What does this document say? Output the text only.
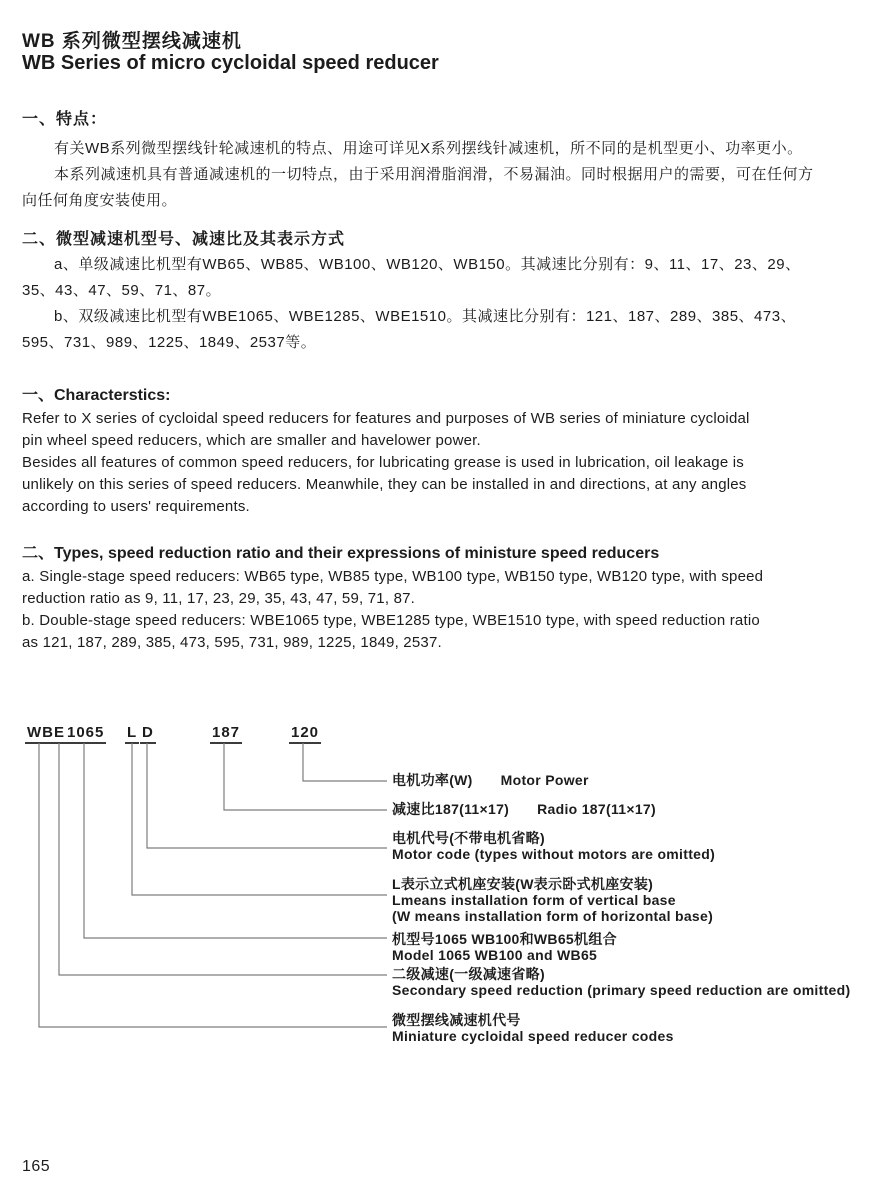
WB 系列微型摆线减速机
WB Series of micro cycloidal speed reducer
一、特点：
有关WB系列微型摆线针轮减速机的特点、用途可详见X系列摆线针减速机，所不同的是机型更小、功率更小。
本系列减速机具有普通减速机的一切特点，由于采用润滑脂润滑，不易漏油。同时根据用户的需要，可在任何方
向任何角度安装使用。
二、微型减速机型号、减速比及其表示方式
a、单级减速比机型有WB65、WB85、WB100、WB120、WB150。其减速比分别有：9、11、17、23、29、
35、43、47、59、71、87。
b、双级减速比机型有WBE1065、WBE1285、WBE1510。其减速比分别有：121、187、289、385、473、
595、731、989、1225、1849、2537等。
一、Characterstics:
Refer to X series of cycloidal speed reducers for features and purposes of WB series of miniature cycloidal
pin wheel speed reducers, which are smaller and havelower power.
Besides all features of common speed reducers, for lubricating grease is used in lubrication, oil leakage is
unlikely on this series of speed reducers. Meanwhile, they can be installed in and directions, at any angles
according to users' requirements.
二、Types, speed reduction ratio and their expressions of ministure speed reducers
a. Single-stage speed reducers: WB65 type, WB85 type, WB100 type, WB150 type, WB120 type, with speed
reduction ratio as 9, 11, 17, 23, 29, 35, 43, 47, 59, 71, 87.
b. Double-stage speed reducers: WBE1065 type, WBE1285 type, WBE1510 type, with speed reduction ratio
as 121, 187, 289, 385, 473, 595, 731, 989, 1225, 1849, 2537.
WB E 1065 L D	187	120
电机功率(W) Motor Power
减速比187(11×17) Radio 187(11×17)
电机代号(不带电机省略)
Motor code (types without motors are omitted)
L表示立式机座安装(W表示卧式机座安装)
Lmeans installation form of vertical base
(W means installation form of horizontal base)
机型号1065 WB100和WB65机组合
Model 1065 WB100 and WB65
二级减速(一级减速省略)
Secondary speed reduction (primary speed reduction are omitted)
微型摆线减速机代号
Miniature cycloidal speed reducer codes
165
